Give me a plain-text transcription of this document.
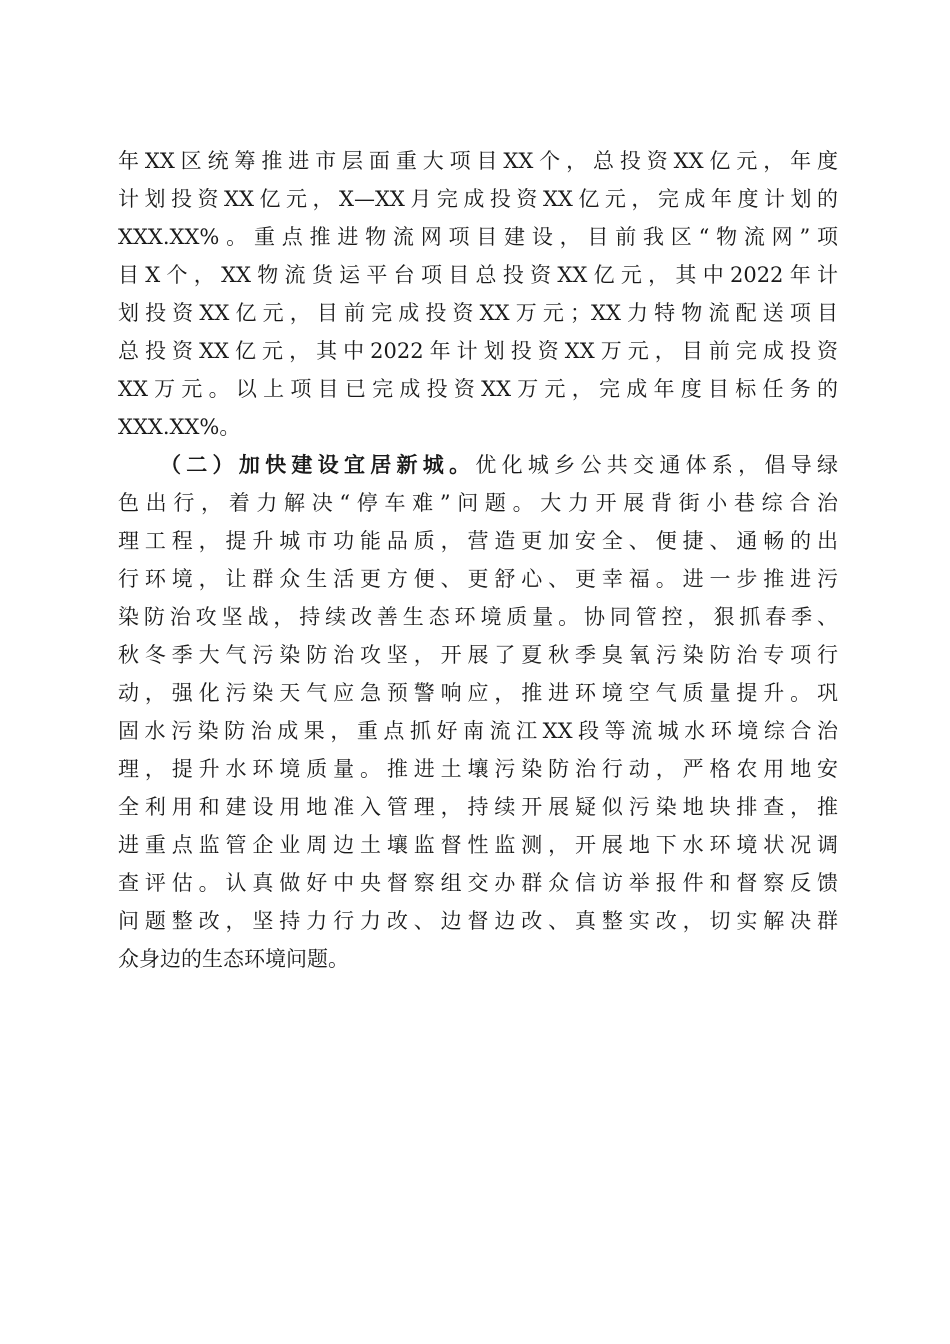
年XX区统筹推进市层面重大项目XX个，总投资XX亿元，年度
计划投资XX亿元，X—XX月完成投资XX亿元，完成年度计划的
XXX.XX%。重点推进物流网项目建设，目前我区“物流网”项
目X个，XX物流货运平台项目总投资XX亿元，其中2022年计
划投资XX亿元，目前完成投资XX万元；XX力特物流配送项目
总投资XX亿元，其中2022年计划投资XX万元，目前完成投资
XX万元。以上项目已完成投资XX万元，完成年度目标任务的
XXX.XX%。
（二）加快建设宜居新城。优化城乡公共交通体系，倡导绿
色出行，着力解决“停车难”问题。大力开展背街小巷综合治
理工程，提升城市功能品质，营造更加安全、便捷、通畅的出
行环境，让群众生活更方便、更舒心、更幸福。进一步推进污
染防治攻坚战，持续改善生态环境质量。协同管控，狠抓春季、
秋冬季大气污染防治攻坚，开展了夏秋季臭氧污染防治专项行
动，强化污染天气应急预警响应，推进环境空气质量提升。巩
固水污染防治成果，重点抓好南流江XX段等流城水环境综合治
理，提升水环境质量。推进土壤污染防治行动，严格农用地安
全利用和建设用地准入管理，持续开展疑似污染地块排查，推
进重点监管企业周边土壤监督性监测，开展地下水环境状况调
查评估。认真做好中央督察组交办群众信访举报件和督察反馈
问题整改，坚持力行力改、边督边改、真整实改，切实解决群
众身边的生态环境问题。
